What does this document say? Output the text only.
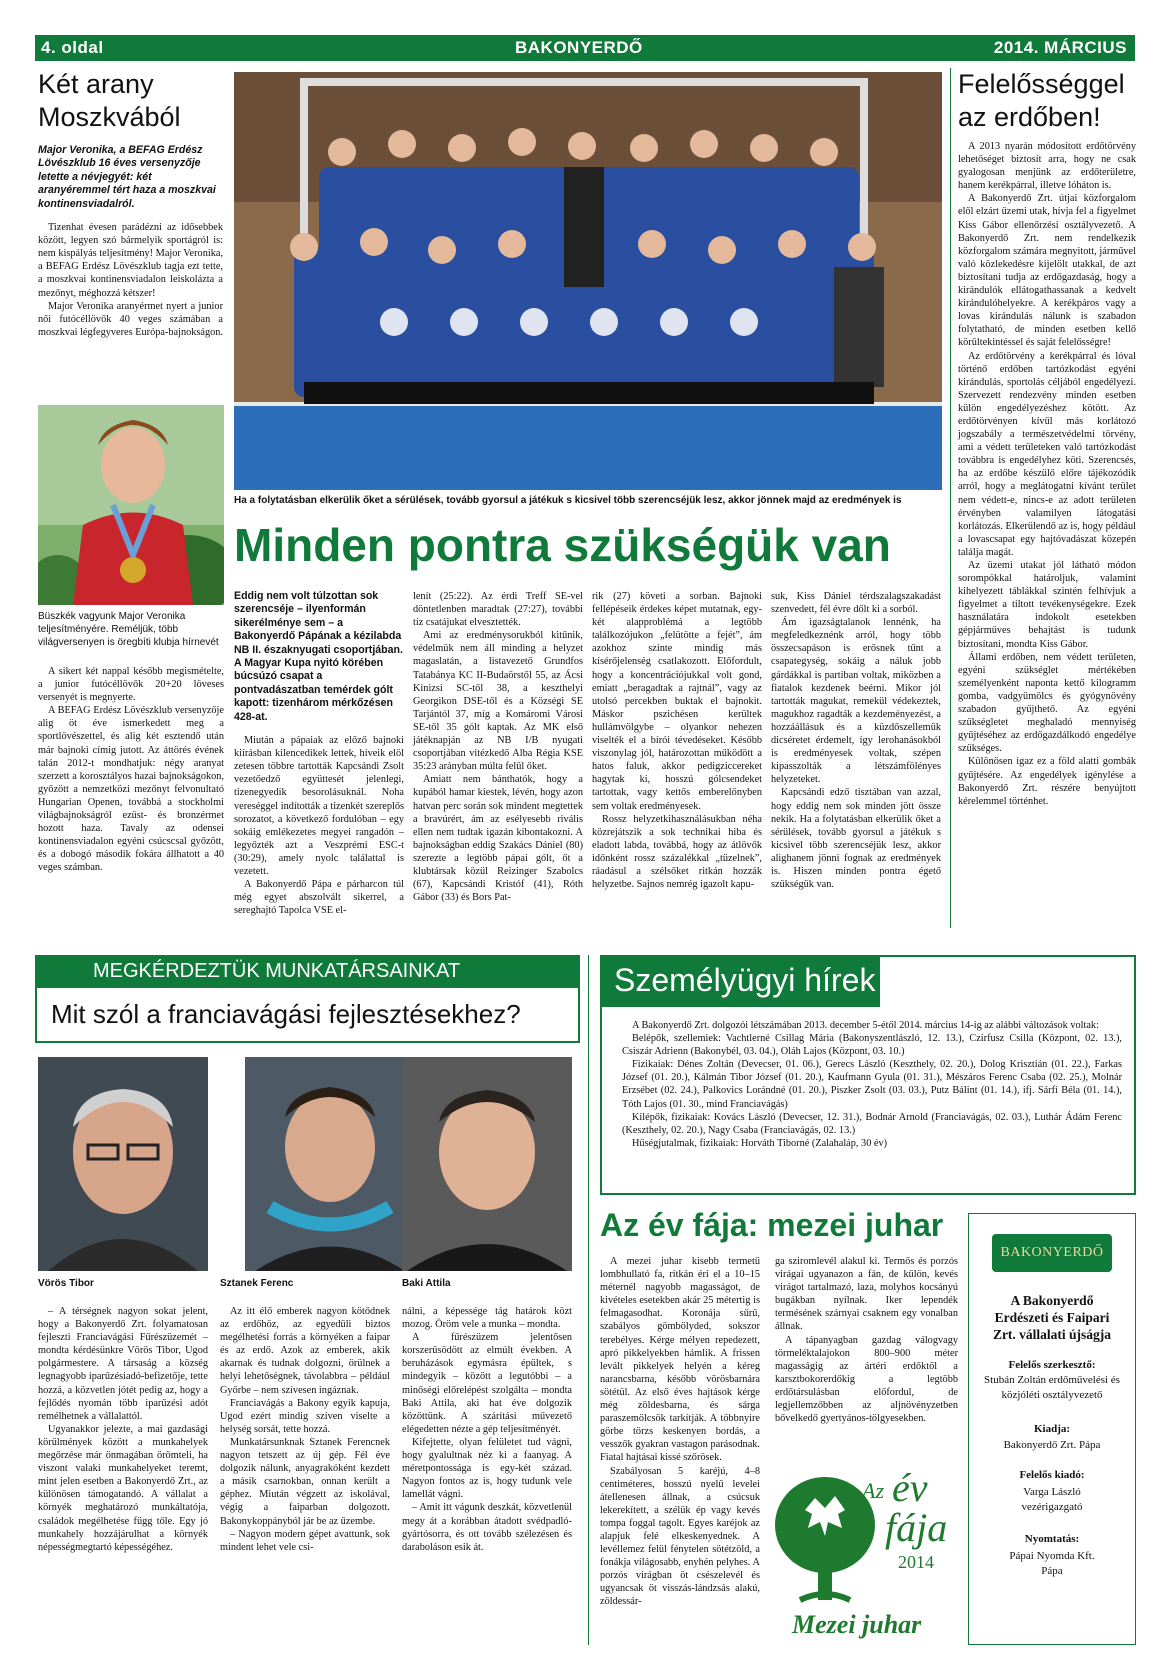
4. oldal	BAKONYERDŐ	2014. MÁRCIUS
Két arany
Moszkvából
Major Veronika, a BEFAG Erdész Lövészklub 16 éves versenyzője letette a névjegyét: két aranyéremmel tért haza a moszkvai kontinensviadalról.

Tizenhat évesen parádézni az idősebbek között, legyen szó bármelyik sportágról is: nem kispályás teljesítmény! Major Veronika, a BEFAG Erdész Lövészklub tagja ezt tette, a moszkvai kontinensviadalon leiskolázta a mezőnyt, méghozzá kétszer!

Major Veronika aranyérmet nyert a junior női futócéllövők 40 veges számában a moszkvai légfegyveres Európa-bajnokságon.

Büszkék vagyunk Major Veronika teljesítményére. Reméljük, több világversenyen is öregbíti klubja hírnevét

A sikert két nappal később megismételte, a junior futócéllövők 20+20 löveses versenyét is megnyerte.

A BEFAG Erdész Lövészklub versenyzője alig öt éve ismerkedett meg a sportlövészettel, és alig két esztendő után már bajnoki címig jutott. Az áttörés évének talán 2012-t mondhatjuk: négy aranyat szerzett a korosztályos hazai bajnokságokon, győzött a nemzetközi mezőnyt felvonultató Hungarian Openen, továbbá a stockholmi világbajnokságról ezüst- és bronzérmet hozott haza. Tavaly az odensei kontinensviadalon egyéni csúcscsal győzött, és a dobogó második fokára állhatott a 40 veges számban.

Ha a folytatásban elkerülik őket a sérülések, tovább gyorsul a játékuk s kicsivel több szerencséjük lesz, akkor jönnek majd az eredmények is
Minden pontra szükségük van
Eddig nem volt túlzottan sok szerencséje – ilyenformán sikerélménye sem – a Bakonyerdő Pápának a kézilabda NB II. északnyugati csoportjában. A Magyar Kupa nyitó körében búcsúzó csapat a pontvadászatban temérdek gólt kapott: tizenhárom mérkőzésen 428-at.

Miután a pápaiak az előző bajnoki kiírásban kilencedikek lettek, híveik elöl zetesen többre tartották Kapcsándi Zsolt vezetőedző együttesét jelenlegi, tizenegyedik besorolásuknál. Noha vereséggel indították a tizenkét szereplős sorozatot, a következő fordulóban – egy sokáig emlékezetes megyei rangadón – legyőzték azt a Veszprémi ESC-t (30:29), amely nyolc találattal is vezetett.

A Bakonyerdő Pápa e párharcon túl még egyet abszolvált sikerrel, a sereghajtó Tapolca VSE el-

lenít (25:22). Az érdi Treff SE-vel döntetlenben maradtak (27:27), további tíz csatájukat elvesztették.

Ami az eredménysorukból kitűnik, védelmük nem áll minding a helyzet magaslatán, a listavezető Grundfos Tatabánya KC II-Budaörstől 55, az Ácsi Kinizsi SC-től 38, a keszthelyi Georgikon DSE-től és a Községi SE Tarjántól 37, míg a Komáromi Városi SE-től 35 gólt kaptak. Az MK első játéknapján az NB I/B nyugati csoportjában vitézkedő Alba Régia KSE 35:23 arányban múlta felül őket.

Amiatt nem bánthatók, hogy a kupából hamar kiestek, lévén, hogy azon hatvan perc során sok mindent megtettek a bravúrért, ám az esélyesebb rivális ellen nem tudtak igazán kibontakozni. A bajnokságban eddig Szakács Dániel (80) szerezte a legtöbb pápai gólt, őt a klubtársak közül Reizinger Szabolcs (67), Kapcsándi Kristóf (41), Róth Gábor (33) és Bors Pat-

rik (27) követi a sorban. Bajnoki fellépéseik érdekes képet mutatnak, egy-két alapproblémá a legtöbb találkozójukon „felütötte a fejét”, ám azokhoz szinte mindig más kísérőjelenség csatlakozott. Előfordult, hogy a koncentrációjukkal volt gond, emiatt „beragadtak a rajtnál”, vagy az utolsó percekben buktak el bajnokit. Máskor pszichésen kerültek hullámvölgybe – olyankor nehezen viselték el a bírói tévedéseket. Később viszonylag jól, határozottan működött a hatos faluk, akkor pedigziccereket hagytak ki, hosszú gólcsendeket tartottak, vagy kettős emberelőnyben sem voltak eredményesek.

Rossz helyzetkihasználásukban néha közrejátszik a sok technikai hiba és eladott labda, továbbá, hogy az átlövők időnként rossz százalékkal „tüzelnek”, ráadásul a szélsőket ritkán hozzák helyzetbe. Sajnos nemrég igazolt kapu-

suk, Kiss Dániel térdszalagszakadást szenvedett, fél évre dőlt ki a sorból.

Ám igazságtalanok lennénk, ha megfeledkeznénk arról, hogy több összecsapáson is erősnek tűnt a csapategység, sokáig a náluk jobb gárdákkal is partiban voltak, miközben a fiatalok kezdenek beérni. Mikor jól tartották magukat, remekül védekeztek, magukhoz ragadták a kezdeményezést, a hozzáállásuk és a küzdőszellemük dicséretet érdemelt, így lerohanásokból is eredményesek voltak, szépen kipasszolták a létszámfölényes helyzeteket.

Kapcsándi edző tisztában van azzal, hogy eddig nem sok minden jött össze nekik. Ha a folytatásban elkerülik őket a sérülések, tovább gyorsul a játékuk s kicsivel több szerencséjük lesz, akkor alighanem jönni fognak az eredmények is. Hiszen minden pontra égető szükségük van.

Felelősséggel
az erdőben!

A 2013 nyarán módosított erdőtörvény lehetőséget biztosít arra, hogy ne csak gyalogosan menjünk az erdőterületre, hanem kerékpárral, illetve lóháton is.

A Bakonyerdő Zrt. útjai közforgalom elől elzárt üzemi utak, hívja fel a figyelmet Kiss Gábor ellenőrzési osztályvezető. A Bakonyerdő Zrt. nem rendelkezik közforgalom számára megnyitott, járművel való közlekedésre kijelölt utakkal, de azt biztosítani tudja az erdőgazdaság, hogy a kirándulók ellátogathassanak a kedvelt kirándulóhelyekre. A kerékpáros vagy a lovas kirándulás nálunk is szabadon folytatható, de minden esetben kellő körültekintéssel és saját felelősségre!

Az erdőtörvény a kerékpárral és lóval történő erdőben tartózkodást egyéni kirándulás, sportolás céljából engedélyezi. Szervezett rendezvény minden esetben külön engedélyezéshez kötött. Az erdőtörvényen kívül más korlátozó jogszabály a természetvédelmi törvény, ami a védett területeken való tartózkodást továbbra is engedélyhez köti. Szerencsés, ha az erdőbe készülő előre tájékozódik arról, hogy a meglátogatni kívánt terület nem védett-e, nincs-e az adott területen érvényben valamilyen látogatási korlátozás. Elkerülendő az is, hogy például a lovascsapat egy hajtóvadászat közepén találja magát.

Az üzemi utakat jól látható módon sorompókkal határoljuk, valamint kihelyezett táblákkal szintén felhívjuk a figyelmet a tiltott tevékenységekre. Ezek használatára indokolt esetekben gépjárműves behajtást is tudunk biztosítani, mondta Kiss Gábor.

Állami erdőben, nem védett területen, egyéni szükséglet mértékében személyenként naponta kettő kilogramm gomba, vadgyümölcs és gyógynövény szabadon gyűjthető. Az egyéni szükségletet meghaladó mennyiség gyűjtéséhez az erdőgazdálkodó engedélye szükséges.

Különösen igaz ez a föld alatti gombák gyűjtésére. Az engedélyek igénylése a Bakonyerdő Zrt. részére benyújtott kérelemmel történhet.

MEGKÉRDEZTÜK MUNKATÁRSAINKAT
Mit szól a franciavágási fejlesztésekhez?
Vörös Tibor	Sztanek Ferenc	Baki Attila

– A térségnek nagyon sokat jelent, hogy a Bakonyerdő Zrt. folyamatosan fejleszti Franciavágási Fűrészüzemét – mondta kérdésünkre Vörös Tibor, Ugod polgármestere. A társaság a község legnagyobb iparűzésiadó-befizetője, tette hozzá, a közvetlen jótét pedig az, hogy a fejlődés nyomán több iparűzési adót remélhetnek a vállalattól.

Ugyanakkor jelezte, a mai gazdasági körülmények között a munkahelyek megőrzése már önmagában örömteli, ha viszont valaki munkahelyeket teremt, mint jelen esetben a Bakonyerdő Zrt., az különösen támogatandó. A vállalat a környék meghatározó munkáltatója, családok megélhetése függ tőle. Egy jó munkahely hozzájárulhat a környék népességmegtartó képességéhez.

Az itt élő emberek nagyon kötődnek az erdőhöz, az egyedüli biztos megélhetési forrás a környéken a faipar és az erdő. Azok az emberek, akik akarnak és tudnak dolgozni, örülnek a helyi lehetőségnek, távolabbra – például Győrbe – nem szívesen ingáznak.

Franciavágás a Bakony egyik kapuja, Ugod ezért mindig szíven viselte a helység sorsát, tette hozzá.

Munkatársunknak Sztanek Ferencnek nagyon tetszett az új gép. Fél éve dolgozik nálunk, anyagrakóként kezdett a másik csarnokban, onnan került a géphez. Miután végzett az iskolával, végig a faiparban dolgozott. Bakonykoppányból jár be az üzembe.

– Nagyon modern gépet avattunk, sok mindent lehet vele csi-

nálni, a képessége tág határok közt mozog. Öröm vele a munka – mondta.

A fűrészüzem jelentősen korszerűsödött az elmúlt években. A beruházások egymásra épültek, s mindegyik – között a legutóbbi – a minőségi előrelépést szolgálta – mondta Baki Attila, aki hat éve dolgozik közöttünk. A szárítási művezető elégedetten nézte a gép teljesítményét.

Kifejtette, olyan felületet tud vágni, hogy gyalultnak néz ki a faanyag. A méretpontossága is egy-két század. Nagyon fontos az is, hogy tudunk vele lamellát vágni.

– Amit itt vágunk deszkát, közvetlenül megy át a korábban átadott svédpadló-gyártósorra, és ott tovább szélezésen és daraboláson esik át.

Személyügyi hírek

A Bakonyerdő Zrt. dolgozói létszámában 2013. december 5-étől 2014. március 14-ig az alábbi változások voltak:

Belépők, szellemiek: Vachtlerné Csillag Mária (Bakonyszentlászló, 12. 13.), Czirfusz Csilla (Központ, 02. 13.), Csiszár Adrienn (Bakonybél, 03. 04.), Oláh Lajos (Központ, 03. 10.)

Fizikaiak: Dénes Zoltán (Devecser, 01. 06.), Gerecs László (Keszthely, 02. 20.), Dolog Krisztián (01. 22.), Farkas József (01. 20.), Kálmán Tibor József (01. 20.), Kaufmann Gyula (01. 31.), Mészáros Ferenc Csaba (02. 25.), Molnár Erzsébet (02. 24.), Palkovics Lorándné (01. 20.), Piszker Zsolt (03. 03.), Putz Bálint (01. 14.), ifj. Sárfi Béla (01. 14.), Tóth Lajos (01. 30., mind Franciavágás)

Kilépők, fizikaiak: Kovács László (Devecser, 12. 31.), Bodnár Arnold (Franciavágás, 02. 03.), Luthár Ádám Ferenc (Keszthely, 02. 20.), Nagy Csaba (Franciavágás, 02. 13.)

Hűségjutalmak, fizikaiak: Horváth Tiborné (Zalahaláp, 30 év)

Az év fája: mezei juhar

A mezei juhar kisebb termetű lombhullató fa, ritkán éri el a 10–15 méternél nagyobb magasságot, de kivételes esetekben akár 25 métertig is felmagasodhat. Koronája sűrű, szabályos gömbölyded, sokszor terebélyes. Kérge mélyen repedezett, apró pikkelyekben hámlik. A frissen levált pikkelyek helyén a kéreg narancsbarna, később vörösbarnára sötétül. Az első éves hajtások kérge még zöldesbarna, és sárga paraszemölcsök tarkítják. A többnyire görbe törzs keskenyen bordás, a vesszők gyakran vastagon parásodnak. Fiatal hajtásai kissé szőrösek.

Szabályosan 5 karéjú, 4–8 centiméteres, hosszú nyelű levelei átellenesen állnak, a csúcsuk lekerekített, a szélük ép vagy kevés tompa foggal tagolt. Egyes karéjok az alapjuk felé elkeskenyednek. A levéllemez felül fénytelen sötétzöld, a fonákja világosabb, enyhén pelyhes. A porzós virágban öt csészelevél és ugyancsak öt visszás-lándzsás alakú, zöldessár-

ga sziromlevél alakul ki. Termős és porzós virágai ugyanazon a fán, de külön, kevés virágot tartalmazó, laza, molyhos kocsányú bugákban nyílnak. Iker lependék termésének szárnyai csaknem egy vonalban állnak.

A tápanyagban gazdag válogvagy törmeléktalajokon 800–900 méter magasságig az ártéri erdőktől a karsztbokorerdőkig a legtöbb erdőtársulásban előfordul, de legjellemzőbben az aljnövényzetben bővelkedő gyertyános-tölgyesekben.

Az év
fája
2014
Mezei juhar
BAKONYERDŐ
A Bakonyerdő Erdészeti és Faipari Zrt. vállalati újságja
Felelős szerkesztő:
Stubán Zoltán erdőművelési és közjóléti osztályvezető
Kiadja:
Bakonyerdő Zrt. Pápa
Felelős kiadó:
Varga László vezérigazgató
Nyomtatás:
Pápai Nyomda Kft. Pápa
